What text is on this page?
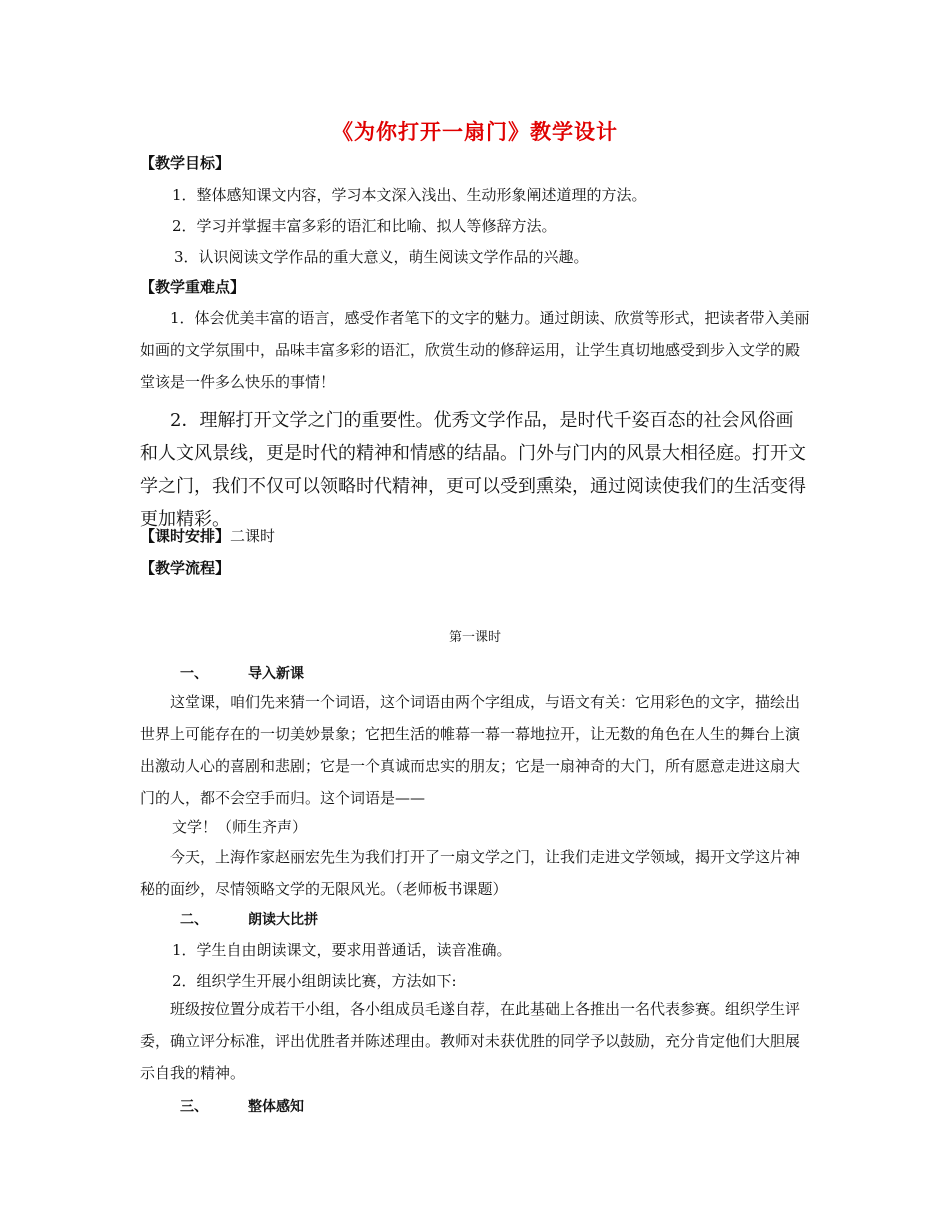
《为你打开一扇门》教学设计
【教学目标】
1．整体感知课文内容，学习本文深入浅出、生动形象阐述道理的方法。
2．学习并掌握丰富多彩的语汇和比喻、拟人等修辞方法。
3．认识阅读文学作品的重大意义，萌生阅读文学作品的兴趣。
【教学重难点】
1．体会优美丰富的语言，感受作者笔下的文字的魅力。通过朗读、欣赏等形式，把读者带入美丽如画的文学氛围中，品味丰富多彩的语汇，欣赏生动的修辞运用，让学生真切地感受到步入文学的殿堂该是一件多么快乐的事情！
2．理解打开文学之门的重要性。优秀文学作品，是时代千姿百态的社会风俗画和人文风景线，更是时代的精神和情感的结晶。门外与门内的风景大相径庭。打开文学之门，我们不仅可以领略时代精神，更可以受到熏染，通过阅读使我们的生活变得更加精彩。
【课时安排】二课时
【教学流程】
第一课时
一、	导入新课
这堂课，咱们先来猜一个词语，这个词语由两个字组成，与语文有关：它用彩色的文字，描绘出世界上可能存在的一切美妙景象；它把生活的帷幕一幕一幕地拉开，让无数的角色在人生的舞台上演出激动人心的喜剧和悲剧；它是一个真诚而忠实的朋友；它是一扇神奇的大门，所有愿意走进这扇大门的人，都不会空手而归。这个词语是——
文学！（师生齐声）
今天，上海作家赵丽宏先生为我们打开了一扇文学之门，让我们走进文学领域，揭开文学这片神秘的面纱，尽情领略文学的无限风光。（老师板书课题）
二、	朗读大比拼
1．学生自由朗读课文，要求用普通话，读音准确。
2．组织学生开展小组朗读比赛，方法如下:
班级按位置分成若干小组，各小组成员毛遂自荐，在此基础上各推出一名代表参赛。组织学生评委，确立评分标准，评出优胜者并陈述理由。教师对未获优胜的同学予以鼓励，充分肯定他们大胆展示自我的精神。
三、	整体感知
